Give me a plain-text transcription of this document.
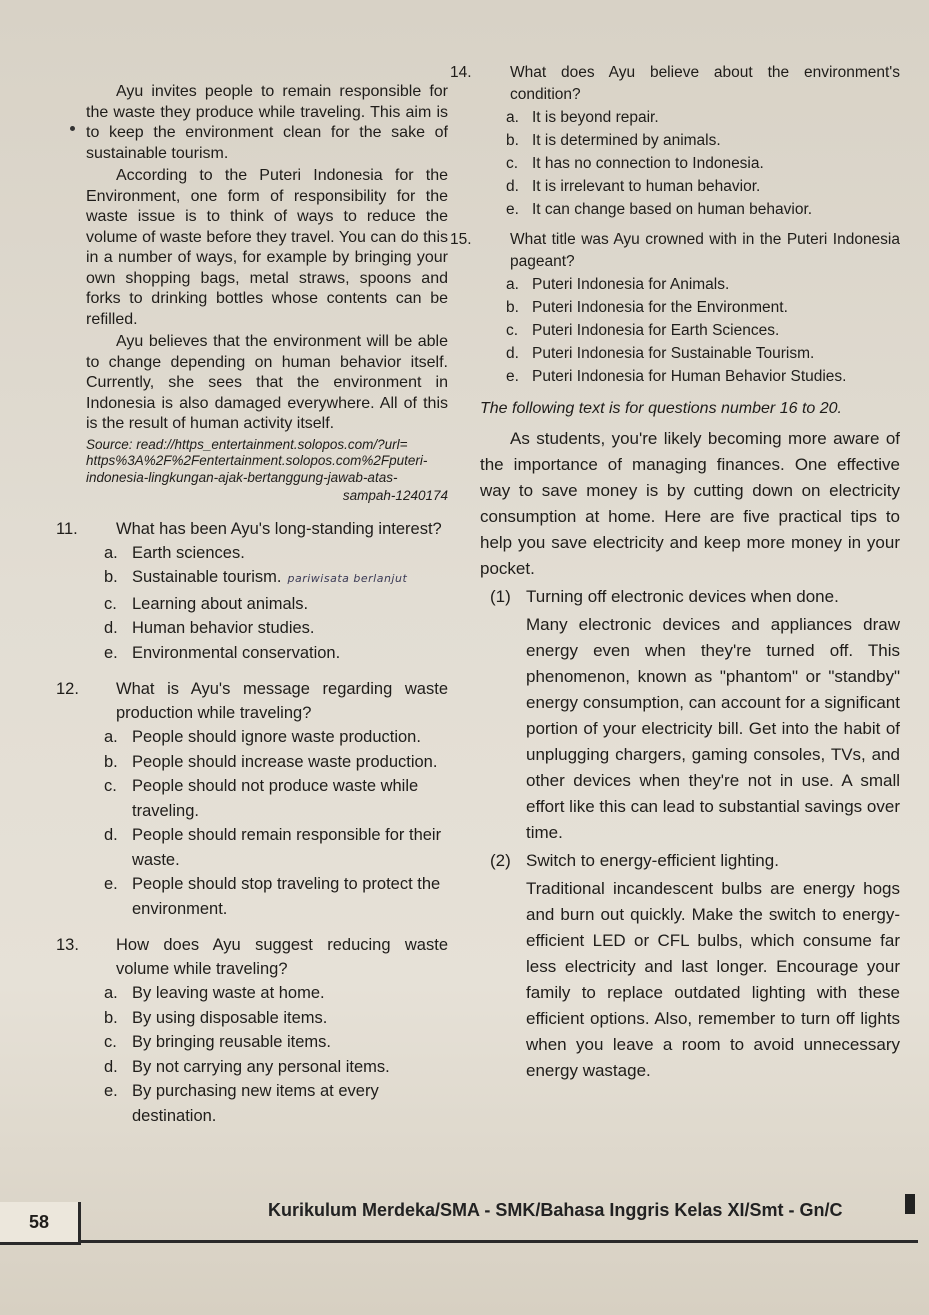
Ayu invites people to remain responsible for the waste they produce while traveling. This aim is to keep the environment clean for the sake of sustainable tourism.

According to the Puteri Indonesia for the Environment, one form of responsibility for the waste issue is to think of ways to reduce the volume of waste before they travel. You can do this in a number of ways, for example by bringing your own shopping bags, metal straws, spoons and forks to drinking bottles whose contents can be refilled.

Ayu believes that the environment will be able to change depending on human behavior itself. Currently, she sees that the environment in Indonesia is also damaged everywhere. All of this is the result of human activity itself.

Source: read://https_entertainment.solopos.com/?url= https%3A%2F%2Fentertainment.solopos.com%2Fputeri-indonesia-lingkungan-ajak-bertanggung-jawab-atas-

sampah-1240174

11. What has been Ayu's long-standing interest?

a. Earth sciences.

b. Sustainable tourism. pariwisata berlanjut

c. Learning about animals.

d. Human behavior studies.

e. Environmental conservation.

12. What is Ayu's message regarding waste production while traveling?

a. People should ignore waste production.

b. People should increase waste production.

c. People should not produce waste while traveling.

d. People should remain responsible for their waste.

e. People should stop traveling to protect the environment.

13. How does Ayu suggest reducing waste volume while traveling?

a. By leaving waste at home.

b. By using disposable items.

c. By bringing reusable items.

d. By not carrying any personal items.

e. By purchasing new items at every destination.

14. What does Ayu believe about the environment's condition?

a. It is beyond repair.

b. It is determined by animals.

c. It has no connection to Indonesia.

d. It is irrelevant to human behavior.

e. It can change based on human behavior.

15. What title was Ayu crowned with in the Puteri Indonesia pageant?

a. Puteri Indonesia for Animals.

b. Puteri Indonesia for the Environment.

c. Puteri Indonesia for Earth Sciences.

d. Puteri Indonesia for Sustainable Tourism.

e. Puteri Indonesia for Human Behavior Studies.

The following text is for questions number 16 to 20.

As students, you're likely becoming more aware of the importance of managing finances. One effective way to save money is by cutting down on electricity consumption at home. Here are five practical tips to help you save electricity and keep more money in your pocket.

(1) Turning off electronic devices when done.

Many electronic devices and appliances draw energy even when they're turned off. This phenomenon, known as "phantom" or "standby" energy consumption, can account for a significant portion of your electricity bill. Get into the habit of unplugging chargers, gaming consoles, TVs, and other devices when they're not in use. A small effort like this can lead to substantial savings over time.

(2) Switch to energy-efficient lighting.

Traditional incandescent bulbs are energy hogs and burn out quickly. Make the switch to energy-efficient LED or CFL bulbs, which consume far less electricity and last longer. Encourage your family to replace outdated lighting with these efficient options. Also, remember to turn off lights when you leave a room to avoid unnecessary energy wastage.

58
Kurikulum Merdeka/SMA - SMK/Bahasa Inggris Kelas XI/Smt - Gn/C
